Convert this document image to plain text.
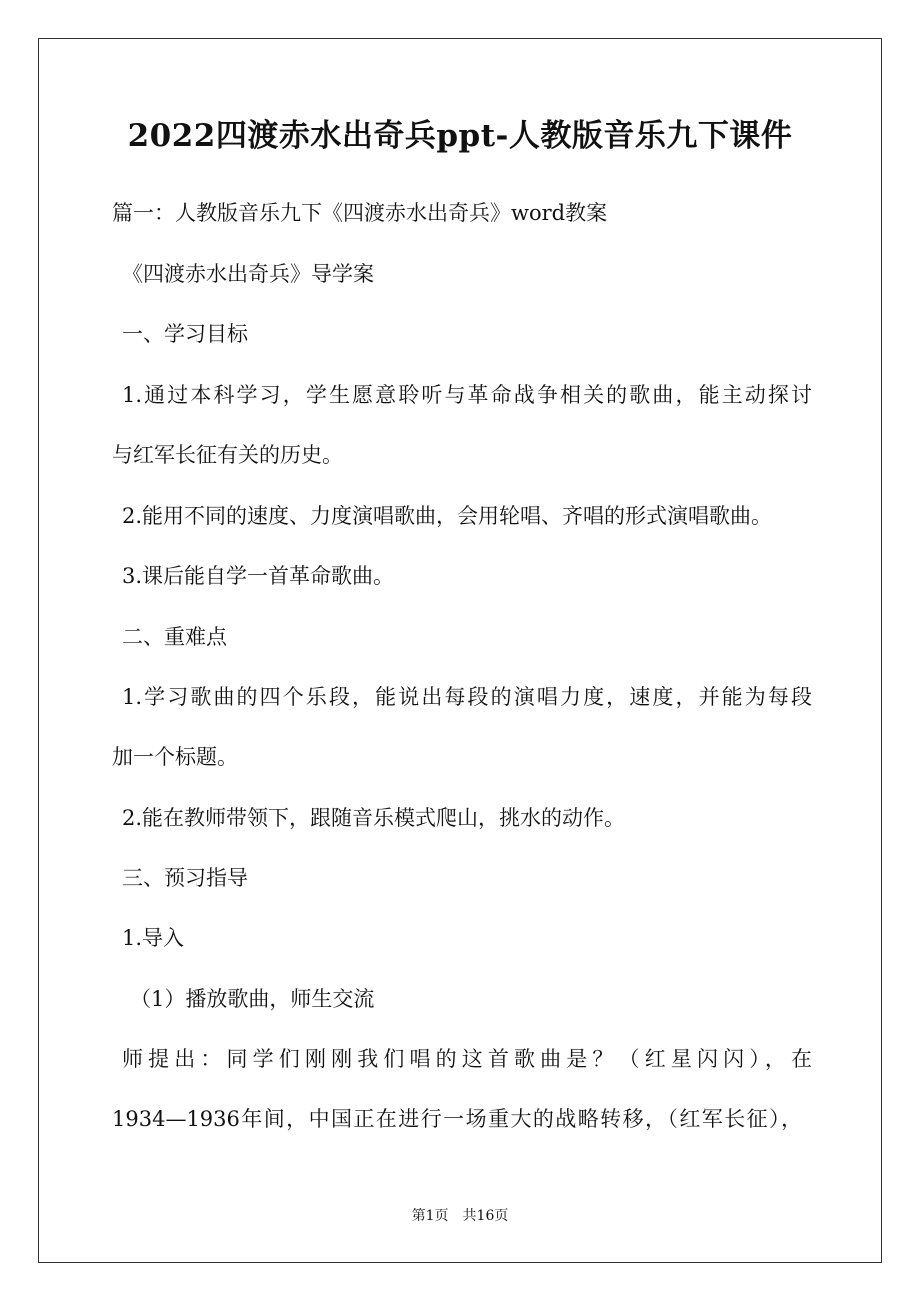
2022四渡赤水出奇兵ppt-人教版音乐九下课件
篇一：人教版音乐九下《四渡赤水出奇兵》word教案
《四渡赤水出奇兵》导学案
一、学习目标
1.通过本科学习，学生愿意聆听与革命战争相关的歌曲，能主动探讨
与红军长征有关的历史。
2.能用不同的速度、力度演唱歌曲，会用轮唱、齐唱的形式演唱歌曲。
3.课后能自学一首革命歌曲。
二、重难点
1.学习歌曲的四个乐段，能说出每段的演唱力度，速度，并能为每段
加一个标题。
2.能在教师带领下，跟随音乐模式爬山，挑水的动作。
三、预习指导
1.导入
（1）播放歌曲，师生交流
师提出：同学们刚刚我们唱的这首歌曲是？（红星闪闪），在
1934—1936年间，中国正在进行一场重大的战略转移，（红军长征），
第1页　共16页
